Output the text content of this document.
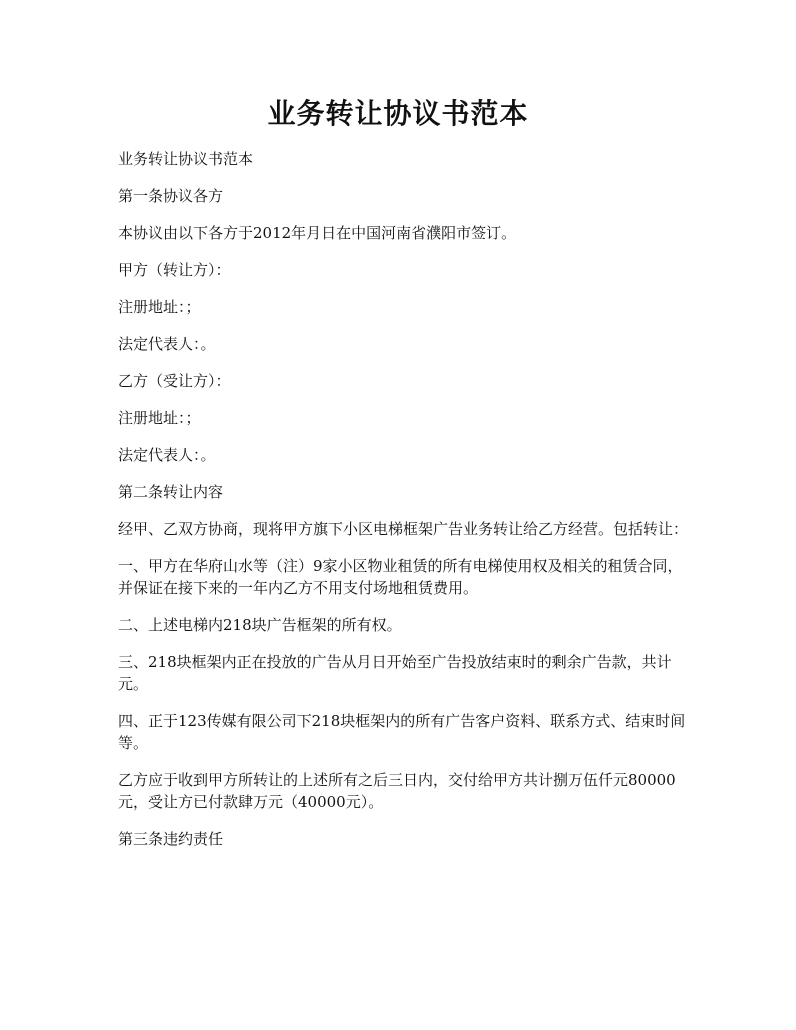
业务转让协议书范本

业务转让协议书范本

第一条协议各方

本协议由以下各方于2012年月日在中国河南省濮阳市签订。

甲方（转让方）：

注册地址：；

法定代表人：。

乙方（受让方）：

注册地址：；

法定代表人：。

第二条转让内容

经甲、乙双方协商，现将甲方旗下小区电梯框架广告业务转让给乙方经营。包括转让：

一、甲方在华府山水等（注）9家小区物业租赁的所有电梯使用权及相关的租赁合同，并保证在接下来的一年内乙方不用支付场地租赁费用。

二、上述电梯内218块广告框架的所有权。

三、218块框架内正在投放的广告从月日开始至广告投放结束时的剩余广告款，共计元。

四、正于123传媒有限公司下218块框架内的所有广告客户资料、联系方式、结束时间等。

乙方应于收到甲方所转让的上述所有之后三日内，交付给甲方共计捌万伍仟元80000元，受让方已付款肆万元（40000元）。

第三条违约责任
